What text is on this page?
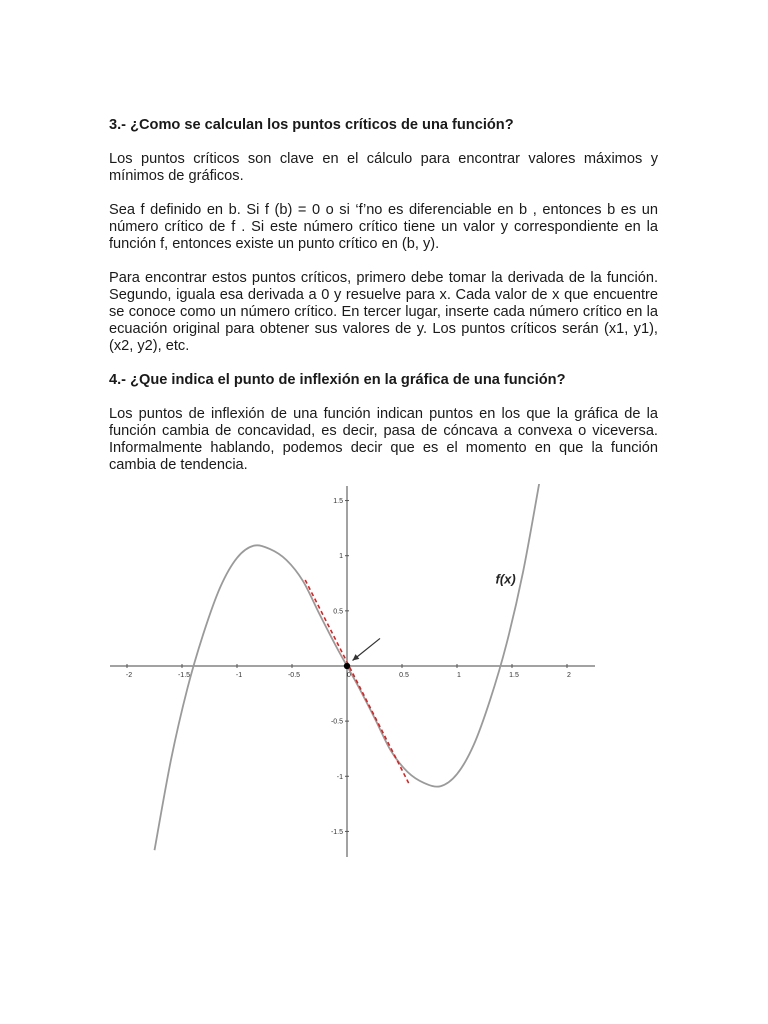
3.- ¿Como se calculan los puntos críticos de una función?

Los puntos críticos son clave en el cálculo para encontrar valores máximos y mínimos de gráficos.

Sea f definido en b. Si f (b) = 0 o si ‘f’no es diferenciable en b , entonces b es un número crítico de f . Si este número crítico tiene un valor y correspondiente en la función f, entonces existe un punto crítico en (b, y).

Para encontrar estos puntos críticos, primero debe tomar la derivada de la función. Segundo, iguala esa derivada a 0 y resuelve para x. Cada valor de x que encuentre se conoce como un número crítico. En tercer lugar, inserte cada número crítico en la ecuación original para obtener sus valores de y. Los puntos críticos serán (x1, y1), (x2, y2), etc.

4.- ¿Que indica el punto de inflexión en la gráfica de una función?

Los puntos de inflexión de una función indican puntos en los que la gráfica de la función cambia de concavidad, es decir, pasa de cóncava a convexa o viceversa. Informalmente hablando, podemos decir que es el momento en que la función cambia de tendencia.

-2	-1.5	-1	-0.5	0	0.5	1	1.5	2
1.5
1
0.5
-0.5
-1
-1.5
f(x)
